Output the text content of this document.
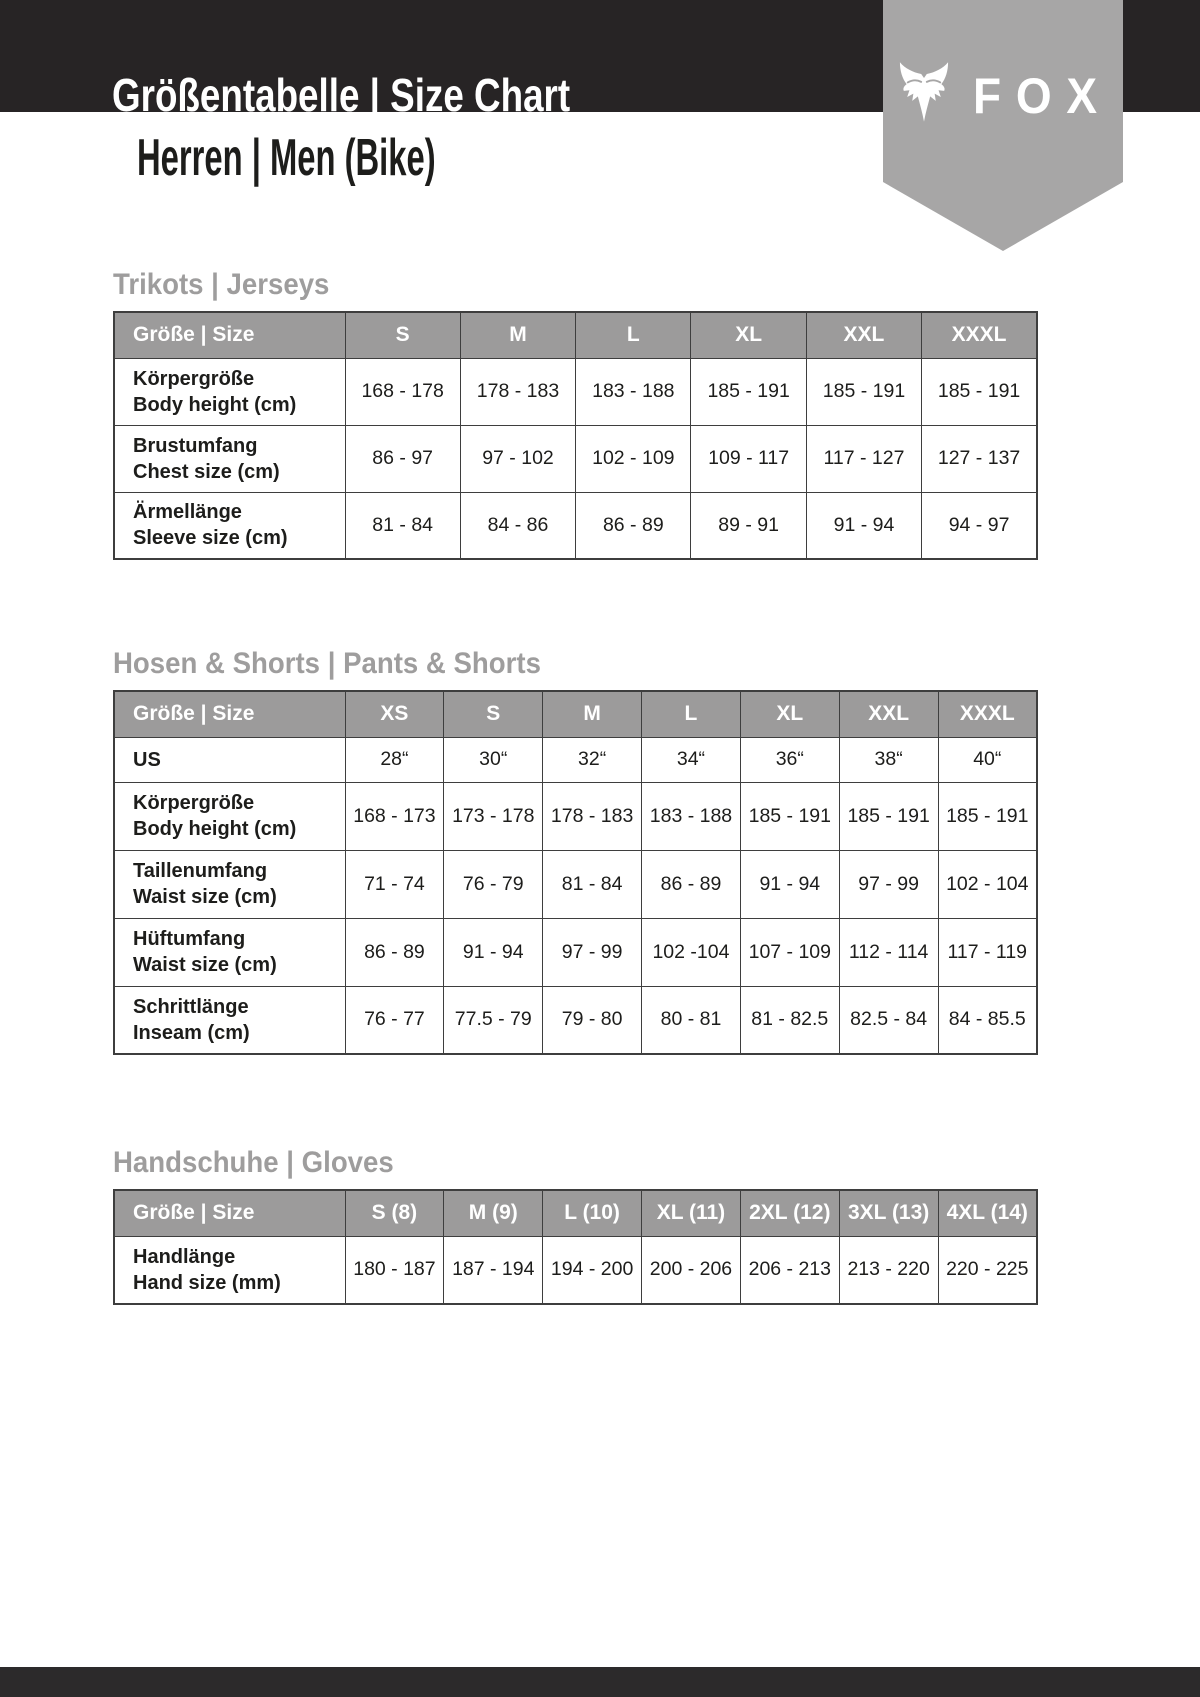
Größentabelle | Size Chart
Herren | Men (Bike)
FOX
Trikots | Jerseys
Größe | Size	S	M	L	XL	XXL	XXXL

Körpergröße
Body height (cm)	168 - 178	178 - 183	183 - 188	185 - 191	185 - 191	185 - 191

Brustumfang
Chest size (cm)	86 - 97	97 - 102	102 - 109	109 - 117	117 - 127	127 - 137

Ärmellänge
Sleeve size (cm)	81 - 84	84 - 86	86 - 89	89 - 91	91 - 94	94 - 97
Hosen & Shorts | Pants & Shorts
Größe | Size	XS	S	M	L	XL	XXL	XXXL

US	28“	30“	32“	34“	36“	38“	40“

Körpergröße
Body height (cm)	168 - 173	173 - 178	178 - 183	183 - 188	185 - 191	185 - 191	185 - 191

Taillenumfang
Waist size (cm)	71 - 74	76 - 79	81 - 84	86 - 89	91 - 94	97 - 99	102 - 104

Hüftumfang
Waist size (cm)	86 - 89	91 - 94	97 - 99	102 -104	107 - 109	112 - 114	117 - 119

Schrittlänge
Inseam (cm)	76 - 77	77.5 - 79	79 - 80	80 - 81	81 - 82.5	82.5 - 84	84 - 85.5
Handschuhe | Gloves
Größe | Size	S (8)	M (9)	L (10)	XL (11)	2XL (12)	3XL (13)	4XL (14)

Handlänge
Hand size (mm)	180 - 187	187 - 194	194 - 200	200 - 206	206 - 213	213 - 220	220 - 225
